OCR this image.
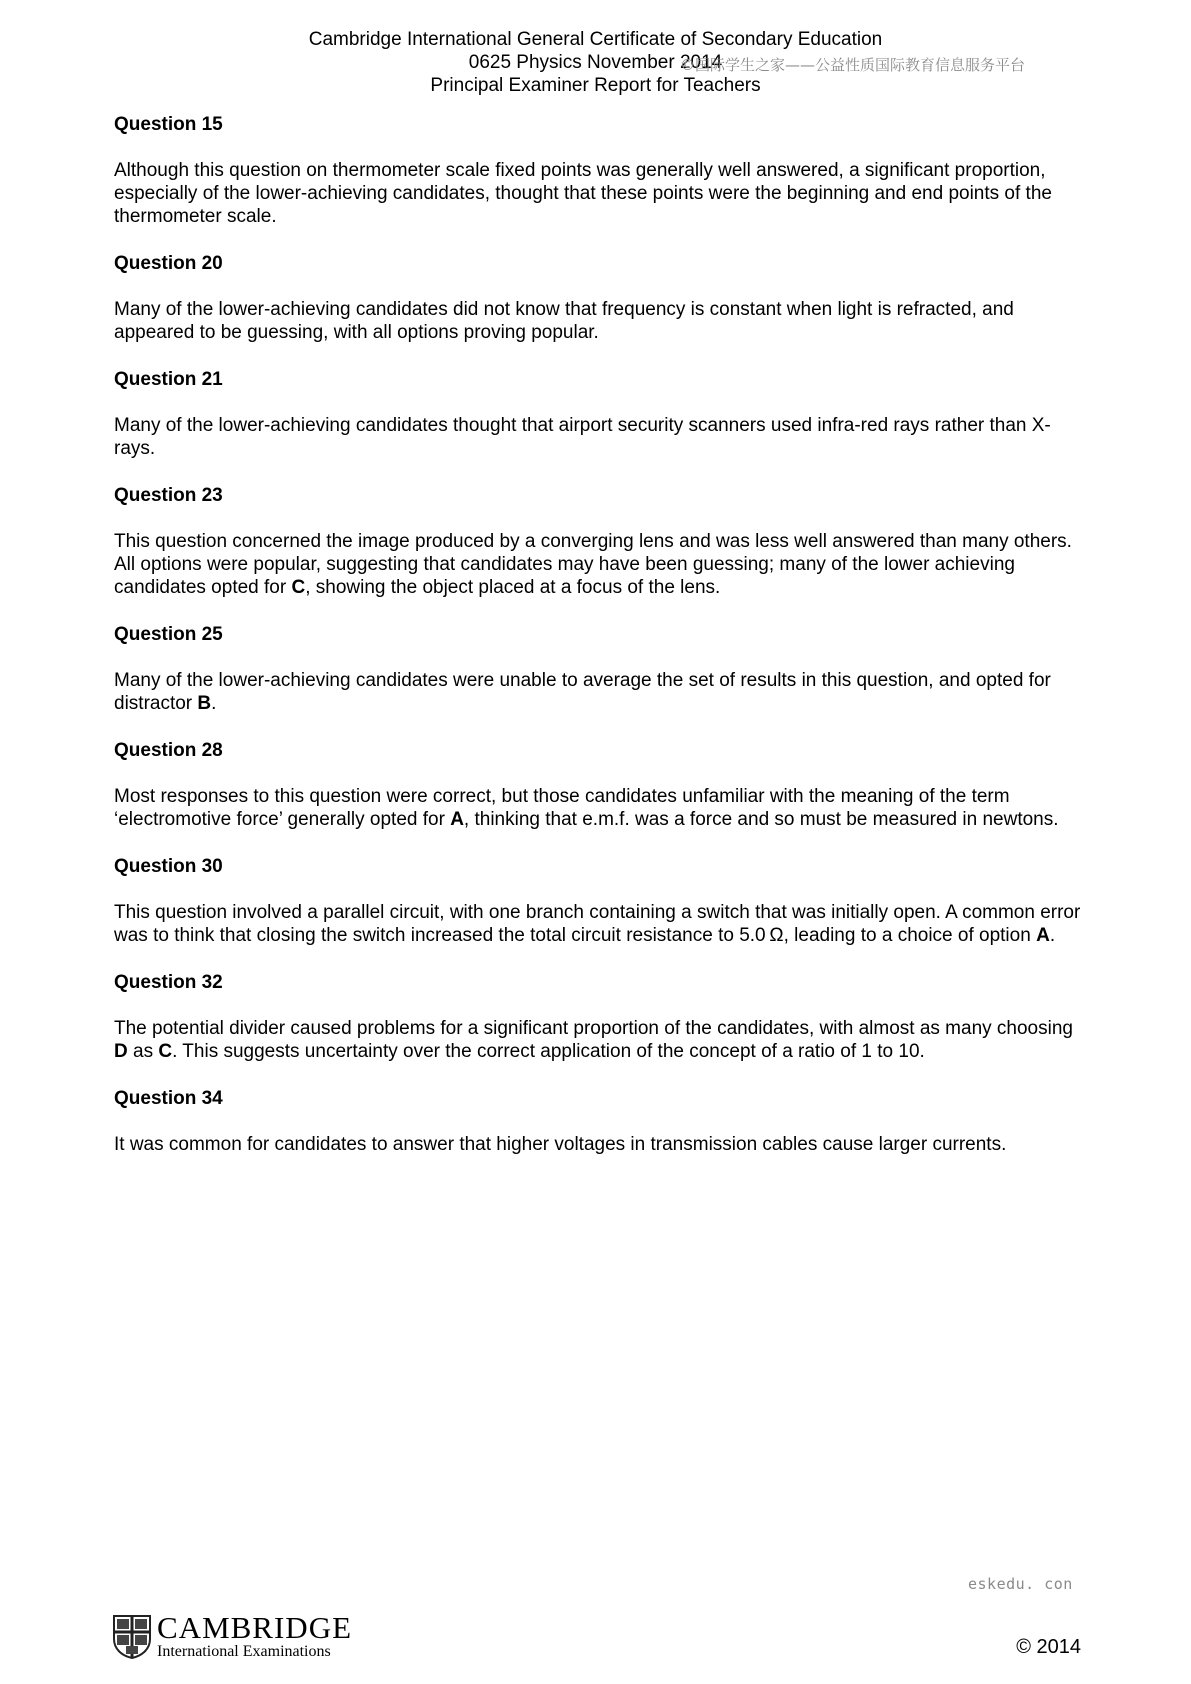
Cambridge International General Certificate of Secondary Education
0625 Physics November 2014
Principal Examiner Report for Teachers
©国际学生之家——公益性质国际教育信息服务平台
Question 15

Although this question on thermometer scale fixed points was generally well answered, a significant proportion, especially of the lower-achieving candidates, thought that these points were the beginning and end points of the thermometer scale.

Question 20

Many of the lower-achieving candidates did not know that frequency is constant when light is refracted, and appeared to be guessing, with all options proving popular.

Question 21

Many of the lower-achieving candidates thought that airport security scanners used infra-red rays rather than X-rays.

Question 23

This question concerned the image produced by a converging lens and was less well answered than many others. All options were popular, suggesting that candidates may have been guessing; many of the lower achieving candidates opted for C, showing the object placed at a focus of the lens.

Question 25

Many of the lower-achieving candidates were unable to average the set of results in this question, and opted for distractor B.

Question 28

Most responses to this question were correct, but those candidates unfamiliar with the meaning of the term ‘electromotive force’ generally opted for A, thinking that e.m.f. was a force and so must be measured in newtons.

Question 30

This question involved a parallel circuit, with one branch containing a switch that was initially open. A common error was to think that closing the switch increased the total circuit resistance to 5.0 Ω, leading to a choice of option A.

Question 32

The potential divider caused problems for a significant proportion of the candidates, with almost as many choosing D as C. This suggests uncertainty over the correct application of the concept of a ratio of 1 to 10.

Question 34

It was common for candidates to answer that higher voltages in transmission cables cause larger currents.

eskedu. con
CAMBRIDGE
International Examinations	© 2014
